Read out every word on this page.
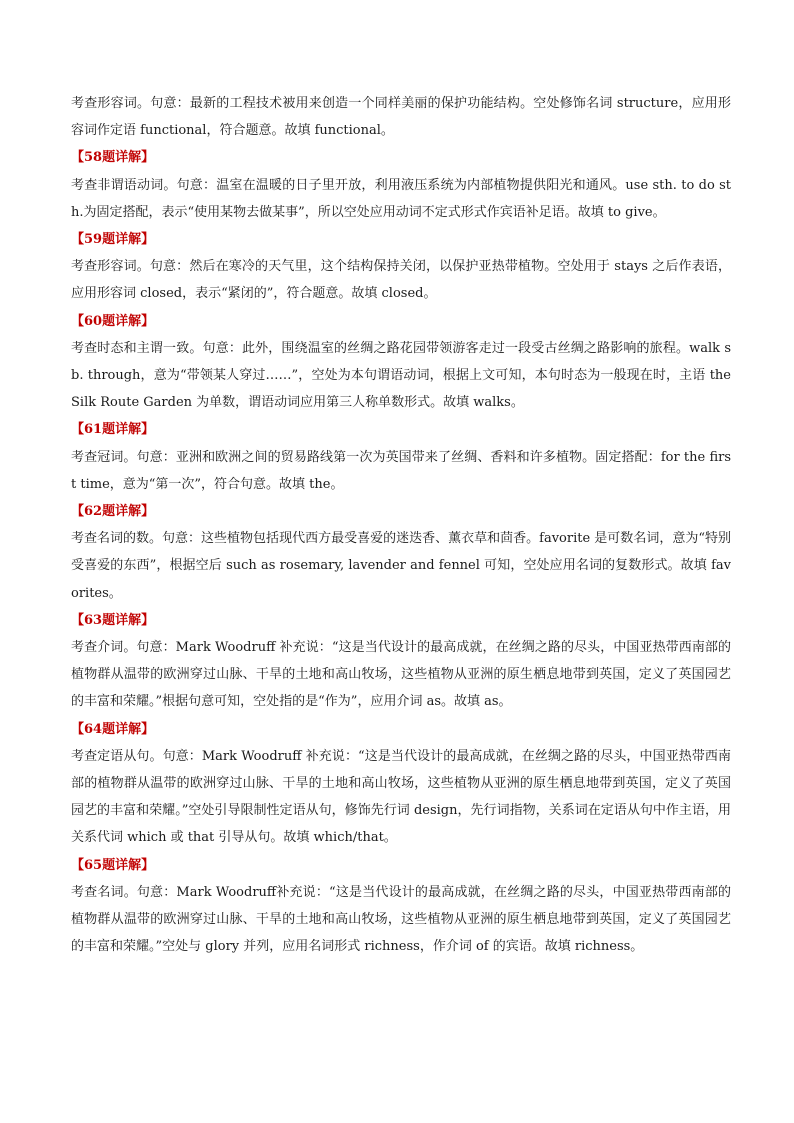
考查形容词。句意：最新的工程技术被用来创造一个同样美丽的保护功能结构。空处修饰名词 structure，应用形容词作定语 functional，符合题意。故填 functional。

【58题详解】

考查非谓语动词。句意：温室在温暖的日子里开放，利用液压系统为内部植物提供阳光和通风。use sth. to do sth.为固定搭配，表示“使用某物去做某事”，所以空处应用动词不定式形式作宾语补足语。故填 to give。

【59题详解】

考查形容词。句意：然后在寒冷的天气里，这个结构保持关闭，以保护亚热带植物。空处用于 stays 之后作表语，应用形容词 closed，表示“紧闭的”，符合题意。故填 closed。

【60题详解】

考查时态和主谓一致。句意：此外，围绕温室的丝绸之路花园带领游客走过一段受古丝绸之路影响的旅程。walk sb. through，意为“带领某人穿过……”，空处为本句谓语动词，根据上文可知，本句时态为一般现在时，主语 the Silk Route Garden 为单数，谓语动词应用第三人称单数形式。故填 walks。

【61题详解】

考查冠词。句意：亚洲和欧洲之间的贸易路线第一次为英国带来了丝绸、香料和许多植物。固定搭配：for the first time，意为“第一次”，符合句意。故填 the。

【62题详解】

考查名词的数。句意：这些植物包括现代西方最受喜爱的迷迭香、薰衣草和茴香。favorite 是可数名词，意为“特别受喜爱的东西”，根据空后 such as rosemary, lavender and fennel 可知，空处应用名词的复数形式。故填 favorites。

【63题详解】

考查介词。句意：Mark Woodruff 补充说：“这是当代设计的最高成就，在丝绸之路的尽头，中国亚热带西南部的植物群从温带的欧洲穿过山脉、干旱的土地和高山牧场，这些植物从亚洲的原生栖息地带到英国，定义了英国园艺的丰富和荣耀。”根据句意可知，空处指的是“作为”，应用介词 as。故填 as。

【64题详解】

考查定语从句。句意：Mark Woodruff 补充说：“这是当代设计的最高成就，在丝绸之路的尽头，中国亚热带西南部的植物群从温带的欧洲穿过山脉、干旱的土地和高山牧场，这些植物从亚洲的原生栖息地带到英国，定义了英国园艺的丰富和荣耀。”空处引导限制性定语从句，修饰先行词 design，先行词指物，关系词在定语从句中作主语，用关系代词 which 或 that 引导从句。故填 which/that。

【65题详解】

考查名词。句意：Mark Woodruff补充说：“这是当代设计的最高成就，在丝绸之路的尽头，中国亚热带西南部的植物群从温带的欧洲穿过山脉、干旱的土地和高山牧场，这些植物从亚洲的原生栖息地带到英国，定义了英国园艺的丰富和荣耀。”空处与 glory 并列，应用名词形式 richness，作介词 of 的宾语。故填 richness。
